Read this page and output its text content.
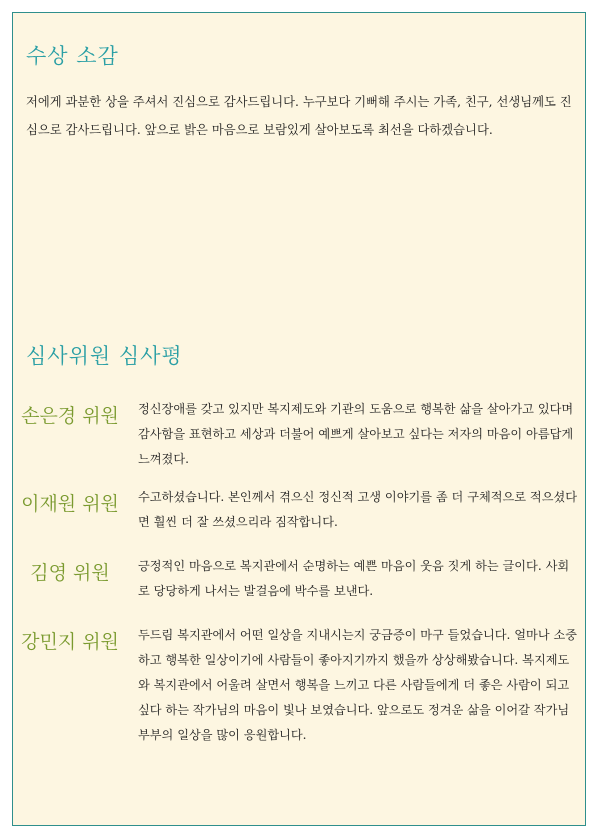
수상 소감

저에게 과분한 상을 주셔서 진심으로 감사드립니다. 누구보다 기뻐해 주시는 가족, 친구, 선생님께도 진심으로 감사드립니다. 앞으로 밝은 마음으로 보람있게 살아보도록 최선을 다하겠습니다.

심사위원 심사평
손은경 위원	정신장애를 갖고 있지만 복지제도와 기관의 도움으로 행복한 삶을 살아가고 있다며 감사함을 표현하고 세상과 더불어 예쁘게 살아보고 싶다는 저자의 마음이 아름답게 느껴졌다.

이재원 위원	수고하셨습니다. 본인께서 겪으신 정신적 고생 이야기를 좀 더 구체적으로 적으셨다면 훨씬 더 잘 쓰셨으리라 짐작합니다.

김영 위원	긍정적인 마음으로 복지관에서 순명하는 예쁜 마음이 웃음 짓게 하는 글이다. 사회로 당당하게 나서는 발걸음에 박수를 보낸다.

강민지 위원	두드림 복지관에서 어떤 일상을 지내시는지 궁금증이 마구 들었습니다. 얼마나 소중하고 행복한 일상이기에 사람들이 좋아지기까지 했을까 상상해봤습니다. 복지제도와 복지관에서 어울려 살면서 행복을 느끼고 다른 사람들에게 더 좋은 사람이 되고 싶다 하는 작가님의 마음이 빛나 보였습니다. 앞으로도 정겨운 삶을 이어갈 작가님 부부의 일상을 많이 응원합니다.
